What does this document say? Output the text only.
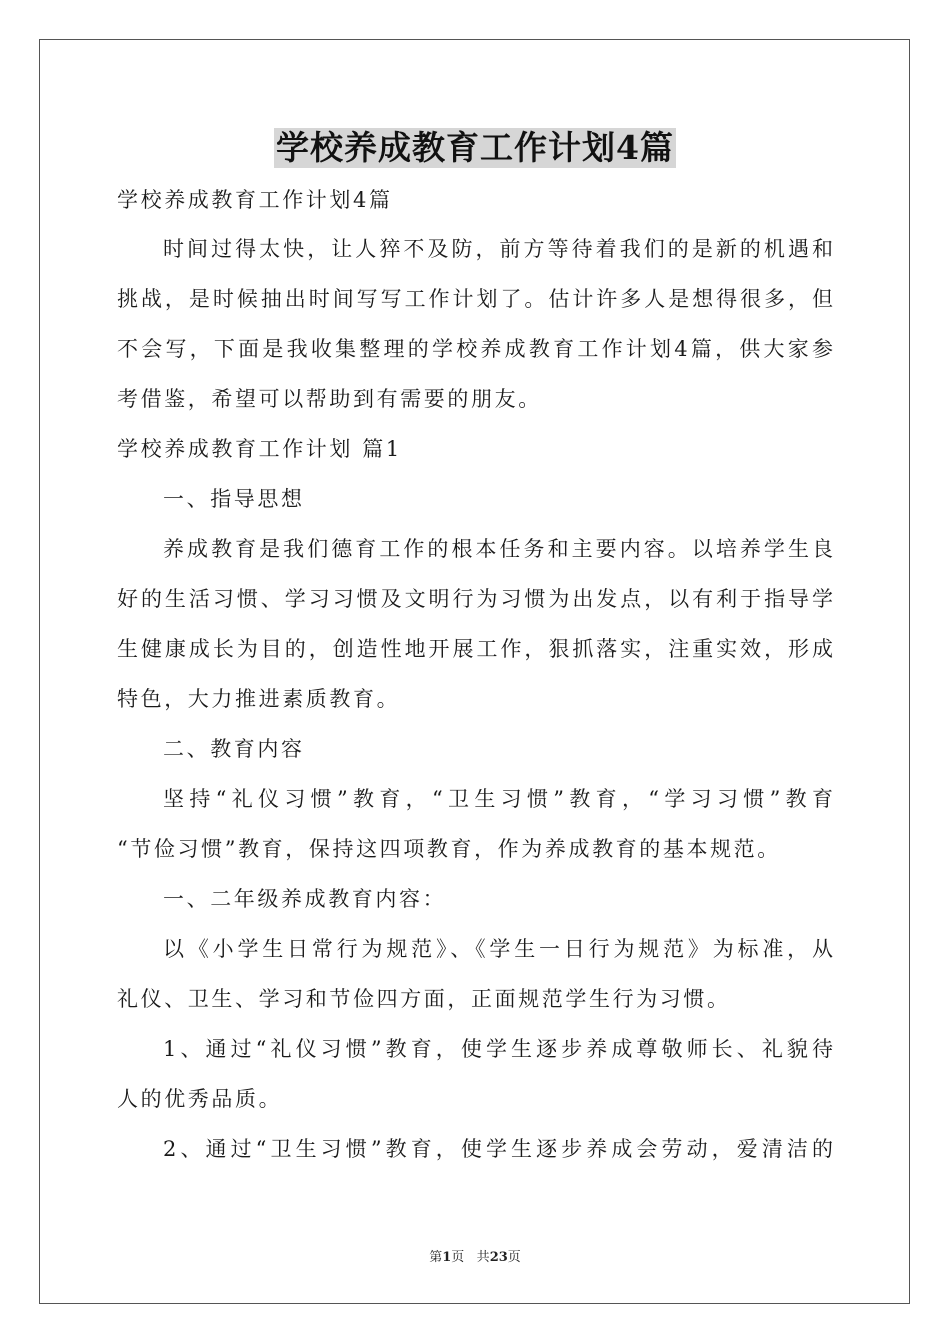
学校养成教育工作计划4篇
学校养成教育工作计划4篇
时间过得太快，让人猝不及防，前方等待着我们的是新的机遇和
挑战，是时候抽出时间写写工作计划了。估计许多人是想得很多，但
不会写，下面是我收集整理的学校养成教育工作计划4篇，供大家参
考借鉴，希望可以帮助到有需要的朋友。
学校养成教育工作计划 篇1
一、指导思想
养成教育是我们德育工作的根本任务和主要内容。以培养学生良
好的生活习惯、学习习惯及文明行为习惯为出发点，以有利于指导学
生健康成长为目的，创造性地开展工作，狠抓落实，注重实效，形成
特色，大力推进素质教育。
二、教育内容
坚持“礼仪习惯”教育，“卫生习惯”教育，“学习习惯”教育
“节俭习惯”教育，保持这四项教育，作为养成教育的基本规范。
一、二年级养成教育内容：
以《小学生日常行为规范》、《学生一日行为规范》为标准，从
礼仪、卫生、学习和节俭四方面，正面规范学生行为习惯。
1、通过“礼仪习惯”教育，使学生逐步养成尊敬师长、礼貌待
人的优秀品质。
2、通过“卫生习惯”教育，使学生逐步养成会劳动，爱清洁的
第1页 共23页
